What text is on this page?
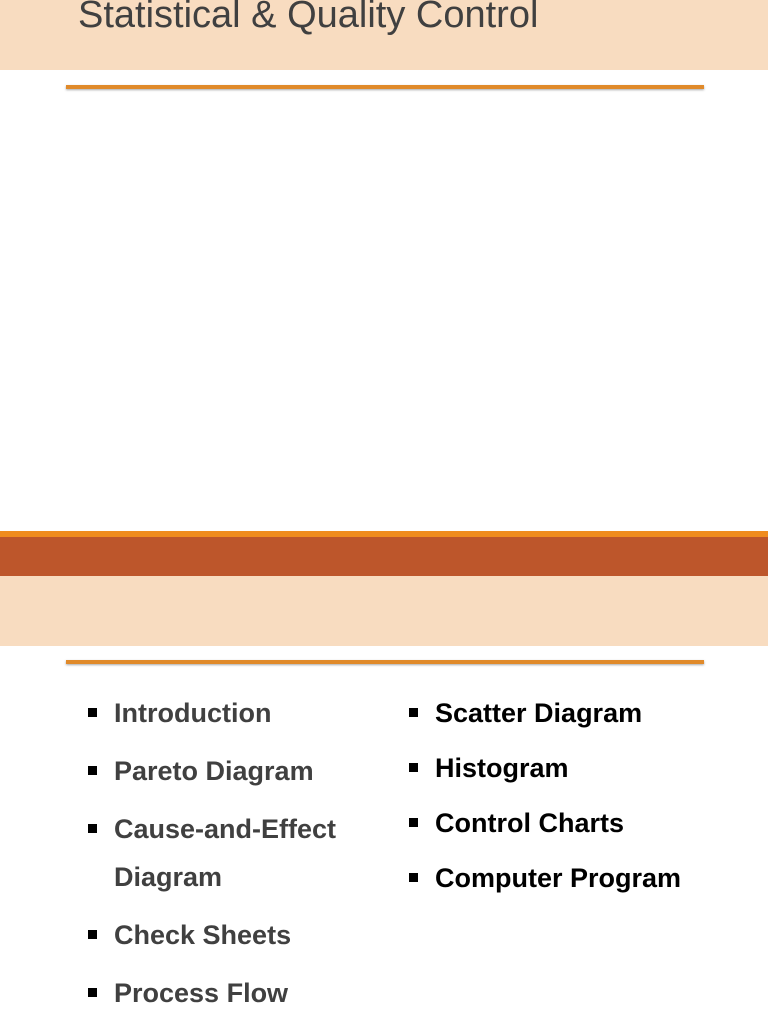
Statistical & Quality Control
Introduction
Pareto Diagram
Cause-and-Effect
Diagram
Check Sheets
Process Flow
Scatter Diagram
Histogram
Control Charts
Computer Program
